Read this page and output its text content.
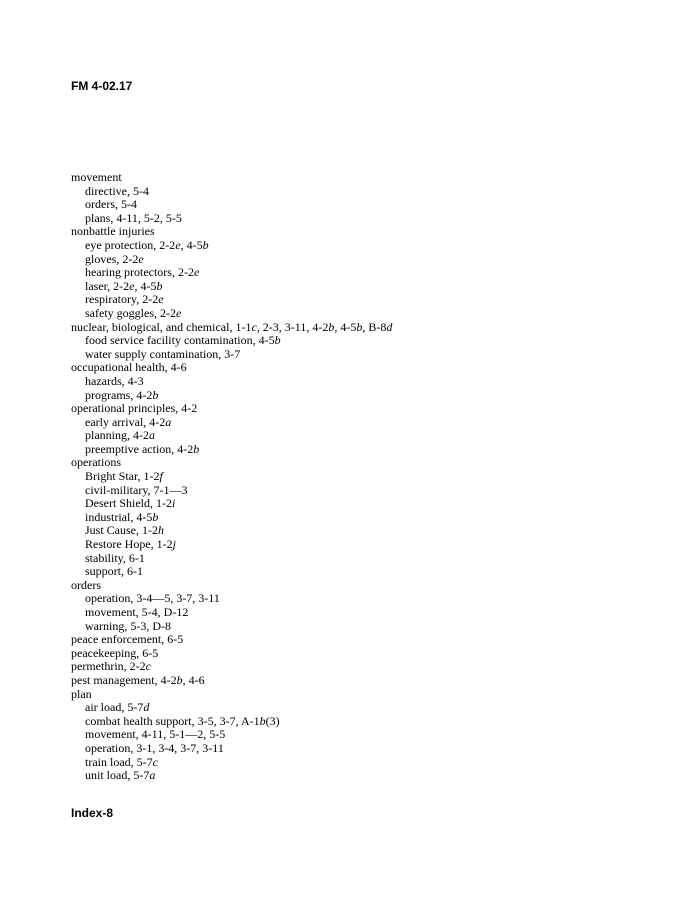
FM 4-02.17
movement
directive, 5-4
orders, 5-4
plans, 4-11, 5-2, 5-5
nonbattle injuries
eye protection, 2-2e, 4-5b
gloves, 2-2e
hearing protectors, 2-2e
laser, 2-2e, 4-5b
respiratory, 2-2e
safety goggles, 2-2e
nuclear, biological, and chemical, 1-1c, 2-3, 3-11, 4-2b, 4-5b, B-8d
food service facility contamination, 4-5b
water supply contamination, 3-7
occupational health, 4-6
hazards, 4-3
programs, 4-2b
operational principles, 4-2
early arrival, 4-2a
planning, 4-2a
preemptive action, 4-2b
operations
Bright Star, 1-2f
civil-military, 7-1—3
Desert Shield, 1-2i
industrial, 4-5b
Just Cause, 1-2h
Restore Hope, 1-2j
stability, 6-1
support, 6-1
orders
operation, 3-4—5, 3-7, 3-11
movement, 5-4, D-12
warning, 5-3, D-8
peace enforcement, 6-5
peacekeeping, 6-5
permethrin, 2-2c
pest management, 4-2b, 4-6
plan
air load, 5-7d
combat health support, 3-5, 3-7, A-1b(3)
movement, 4-11, 5-1—2, 5-5
operation, 3-1, 3-4, 3-7, 3-11
train load, 5-7c
unit load, 5-7a
Index-8
